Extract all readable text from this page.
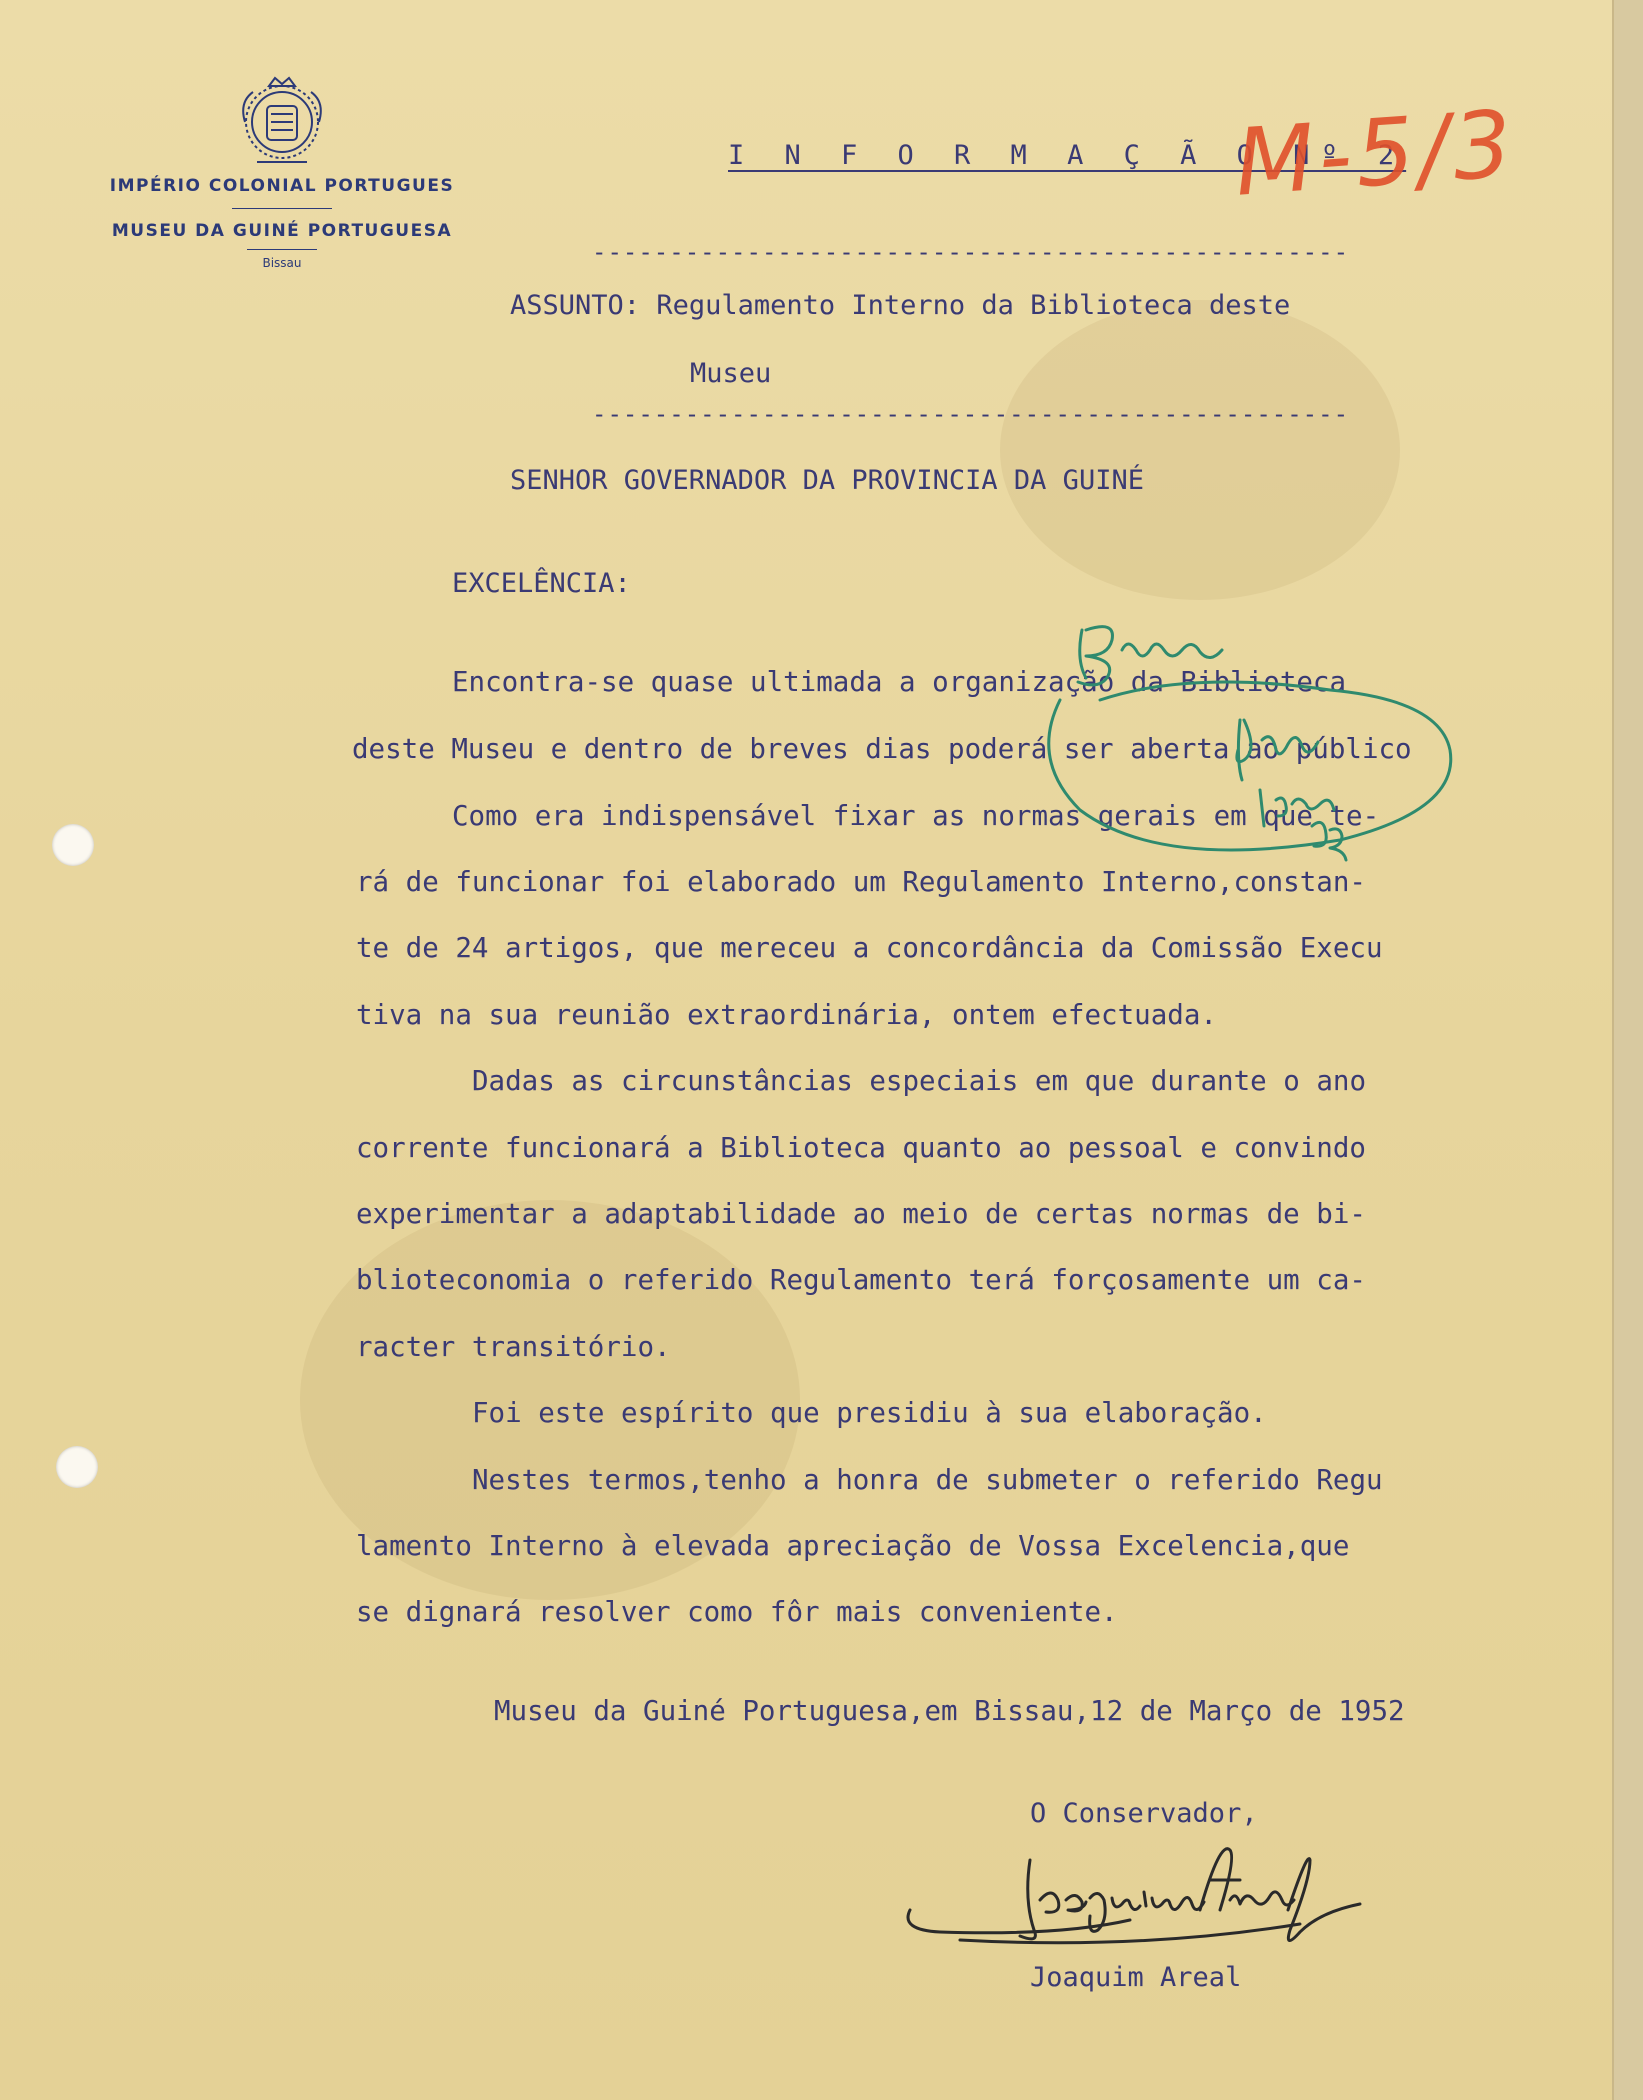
IMPÉRIO COLONIAL PORTUGUES
MUSEU DA GUINÉ PORTUGUESA
Bissau
I N F O R M A Ç Ã O Nº 2
M-5/3
-------------------------------------------------
ASSUNTO: Regulamento Interno da Biblioteca deste
Museu
-------------------------------------------------
SENHOR GOVERNADOR DA PROVINCIA DA GUINÉ
EXCELÊNCIA:
Encontra-se quase ultimada a organização da Biblioteca
deste Museu e dentro de breves dias poderá ser aberta ao público
Como era indispensável fixar as normas gerais em que te-
rá de funcionar foi elaborado um Regulamento Interno,constan-
te de 24 artigos, que mereceu a concordância da Comissão Execu
tiva na sua reunião extraordinária, ontem efectuada.
Dadas as circunstâncias especiais em que durante o ano
corrente funcionará a Biblioteca quanto ao pessoal e convindo
experimentar a adaptabilidade ao meio de certas normas de bi-
blioteconomia o referido Regulamento terá forçosamente um ca-
racter transitório.
Foi este espírito que presidiu à sua elaboração.
Nestes termos,tenho a honra de submeter o referido Regu
lamento Interno à elevada apreciação de Vossa Excelencia,que
se dignará resolver como fôr mais conveniente.
Museu da Guiné Portuguesa,em Bissau,12 de Março de 1952
O Conservador,
Joaquim Areal
